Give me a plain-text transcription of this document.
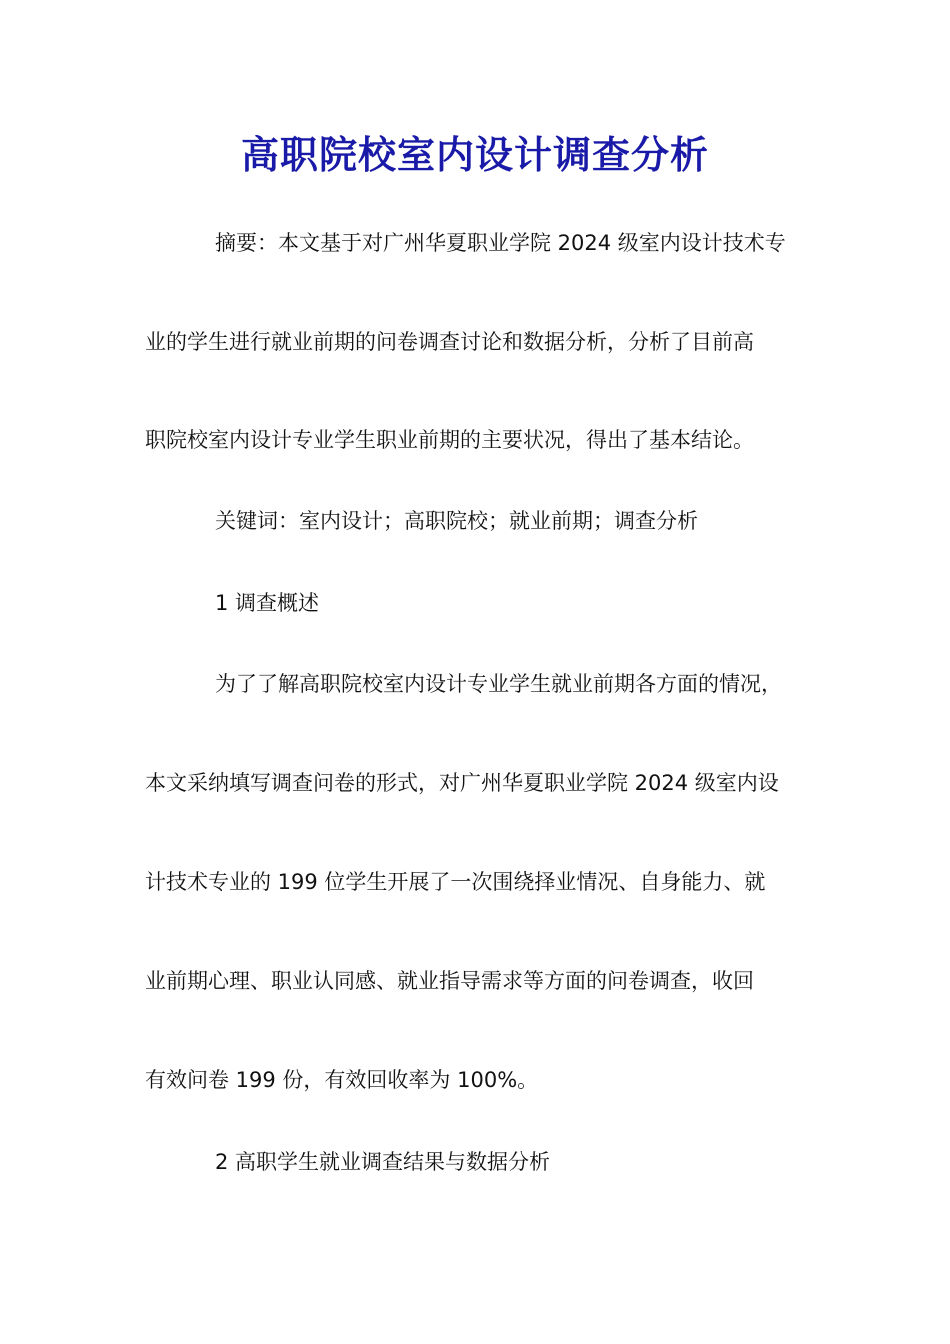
高职院校室内设计调查分析
摘要：本文基于对广州华夏职业学院 2024 级室内设计技术专
业的学生进行就业前期的问卷调查讨论和数据分析，分析了目前高
职院校室内设计专业学生职业前期的主要状况，得出了基本结论。
关键词：室内设计；高职院校；就业前期；调查分析
1 调查概述
为了了解高职院校室内设计专业学生就业前期各方面的情况，
本文采纳填写调查问卷的形式，对广州华夏职业学院 2024 级室内设
计技术专业的 199 位学生开展了一次围绕择业情况、自身能力、就
业前期心理、职业认同感、就业指导需求等方面的问卷调查，收回
有效问卷 199 份，有效回收率为 100%。
2 高职学生就业调查结果与数据分析
